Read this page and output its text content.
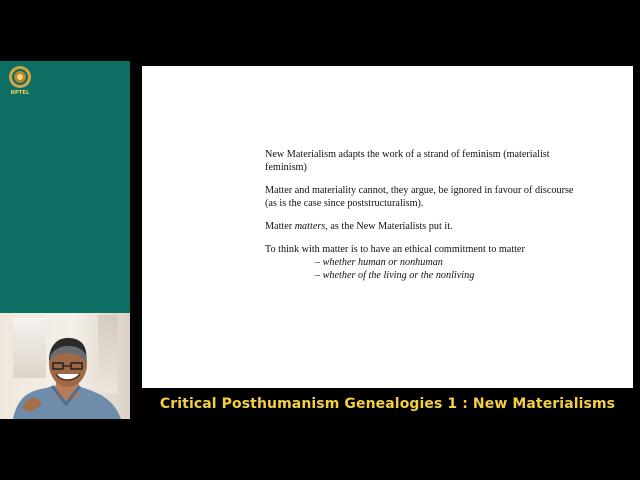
NPTEL

New Materialism adapts the work of a strand of feminism (materialist feminism)

Matter and materiality cannot, they argue, be ignored in favour of discourse (as is the case since poststructuralism).

Matter matters, as the New Materialists put it.

To think with matter is to have an ethical commitment to matter
– whether human or nonhuman
– whether of the living or the nonliving

Critical Posthumanism Genealogies 1 : New Materialisms
